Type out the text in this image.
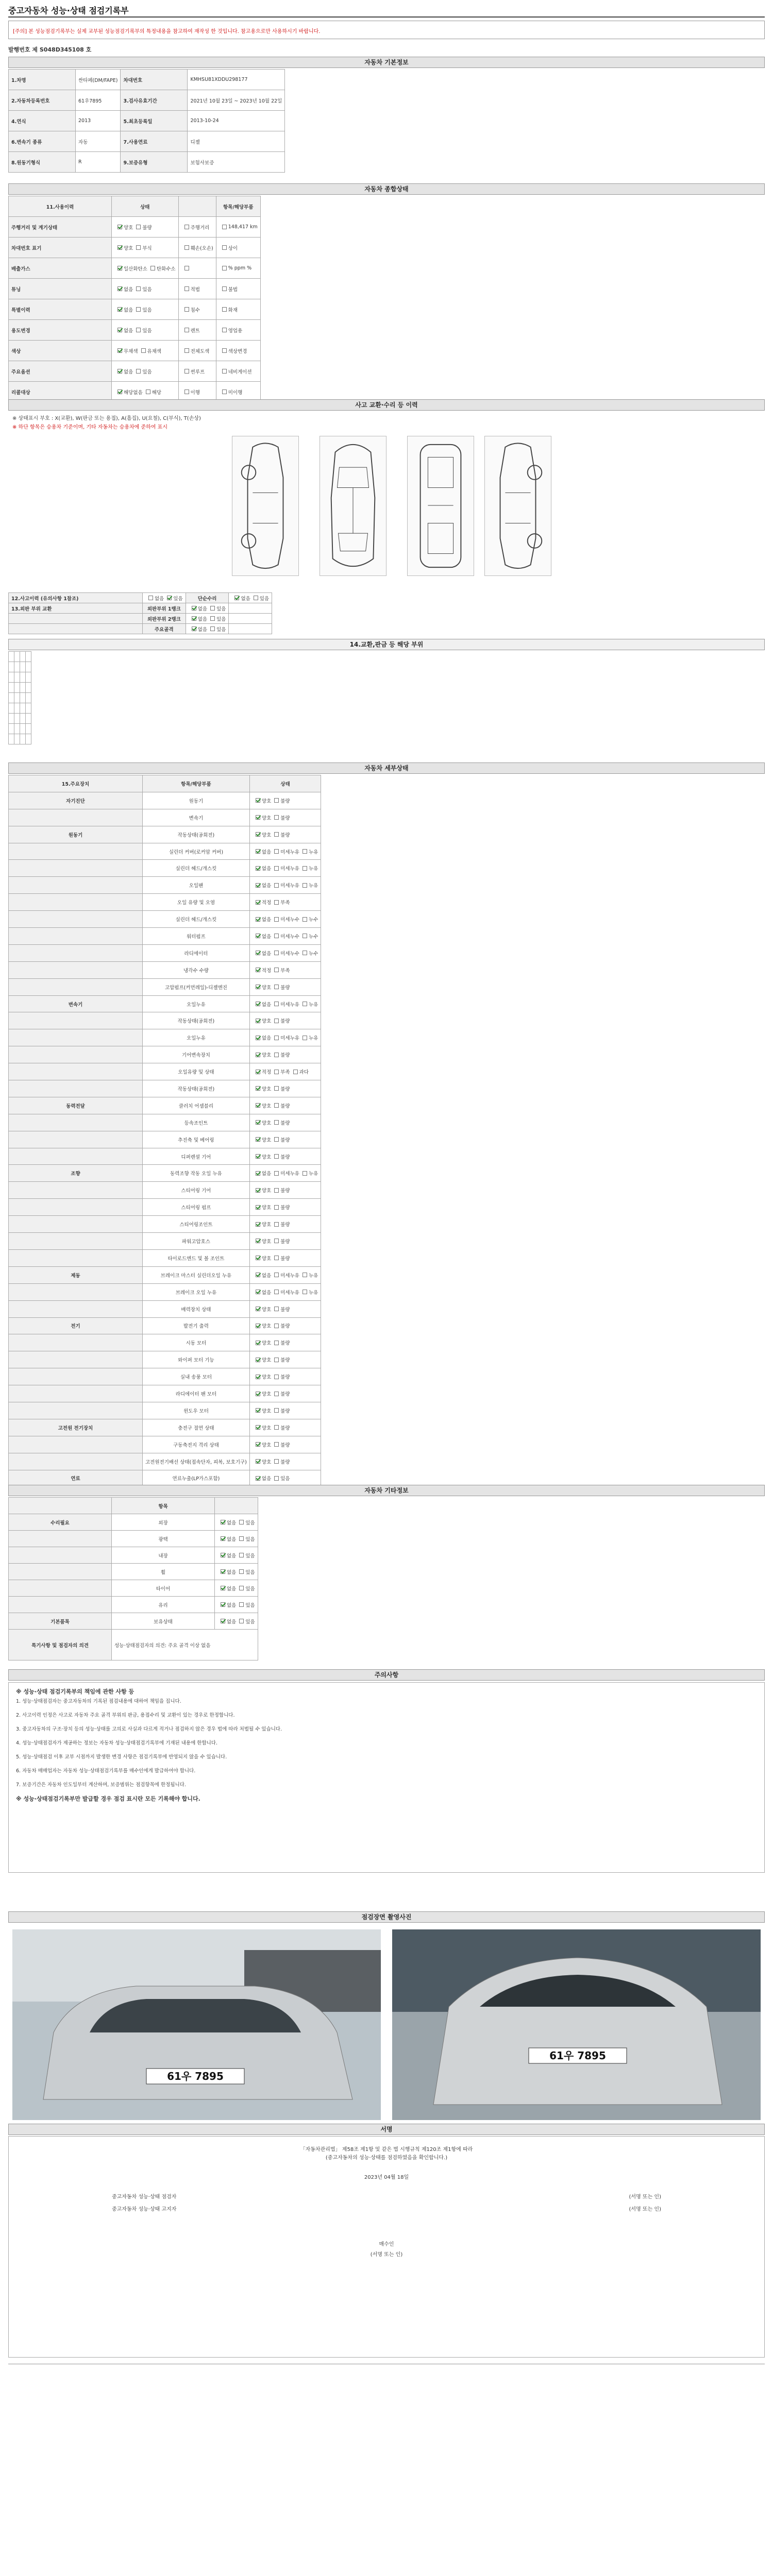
중고자동차 성능·상태 점검기록부
[주의] 본 성능점검기록부는 실제 교부된 성능점검기록부의 특정내용을 참고하여 재작성 한 것입니다. 참고용으로만 사용하시기 바랍니다.
발행번호 제 S048D345108 호
자동차 기본정보
1.차명	싼타페(DM/FAPE)	차대번호	KMHSU81XDDU298177
2.자동차등록번호	61우7895	3.검사유효기간	2021년 10월 23일 ~ 2023년 10월 22일
4.연식	2013	5.최초등록일	2013-10-24
6.변속기 종류	자동	7.사용연료	디젤
8.원동기형식	R	9.보증유형	보험사보증
자동차 종합상태
11.사용이력	상태		항목/해당부품
주행거리 및 계기상태	양호 불량	주행거리	148,417 km
차대번호 표기	양호 부식	훼손(오손)	상이
배출가스	일산화탄소 탄화수소		% ppm %
튜닝	없음 있음	적법	불법
특별이력	없음 있음	침수	화재
용도변경	없음 있음	렌트	영업용
색상	무채색 유채색	전체도색	색상변경
주요옵션	없음 있음	썬루프	네비게이션
리콜대상	해당없음 해당	이행	미이행
사고 교환·수리 등 이력
※ 상태표시 부호 : X(교환), W(판금 또는 용접), A(흠집), U(요철), C(부식), T(손상)
※ 하단 항목은 승용차 기준이며, 기타 자동차는 승용차에 준하여 표시
12.사고이력 (유의사항 1참조)	없음 있음	단순수리	없음 있음
13.외판 부위 교환	외판부위 1랭크	없음 있음	
	외판부위 2랭크	없음 있음	
	주요골격	없음 있음	
14.교환,판금 등 해당 부위

자동차 세부상태
15.주요장치	항목/해당부품	상태
자기진단	원동기	양호 불량
	변속기	양호 불량
원동기	작동상태(공회전)	양호 불량
	실린더 커버(로커암 커버)	없음 미세누유 누유
	실린더 헤드/개스킷	없음 미세누유 누유
	오일팬	없음 미세누유 누유
	오일 유량 및 오염	적정 부족
	실린더 헤드/개스킷	없음 미세누수 누수
	워터펌프	없음 미세누수 누수
	라디에이터	없음 미세누수 누수
	냉각수 수량	적정 부족
	고압펌프(커먼레일)-디젤엔진	양호 불량
변속기	오일누유	없음 미세누유 누유
	작동상태(공회전)	양호 불량
	오일누유	없음 미세누유 누유
	기어변속장치	양호 불량
	오일유량 및 상태	적정 부족 과다
	작동상태(공회전)	양호 불량
동력전달	클러치 어셈블리	양호 불량
	등속조인트	양호 불량
	추진축 및 베어링	양호 불량
	디퍼렌셜 기어	양호 불량
조향	동력조향 작동 오일 누유	없음 미세누유 누유
	스티어링 기어	양호 불량
	스티어링 펌프	양호 불량
	스티어링조인트	양호 불량
	파워고압호스	양호 불량
	타이로드엔드 및 볼 조인트	양호 불량
제동	브레이크 마스터 실린더오일 누유	없음 미세누유 누유
	브레이크 오일 누유	없음 미세누유 누유
	배력장치 상태	양호 불량
전기	발전기 출력	양호 불량
	시동 모터	양호 불량
	와이퍼 모터 기능	양호 불량
	실내 송풍 모터	양호 불량
	라디에이터 팬 모터	양호 불량
	윈도우 모터	양호 불량
고전원 전기장치	충전구 절연 상태	양호 불량
	구동축전지 격리 상태	양호 불량
	고전원전기배선 상태(접속단자, 피복, 보호기구)	양호 불량
연료	연료누출(LP가스포함)	없음 있음
자동차 기타정보
	항목	
수리필요	외장	없음 있음
	광택	없음 있음
	내장	없음 있음
	휠	없음 있음
	타이어	없음 있음
	유리	없음 있음
기본품목	보유상태	없음 있음
특기사항 및 점검자의 의견	성능·상태점검자의 의견: 주요 골격 이상 없음	
주의사항
※ 성능·상태 점검기록부의 책임에 관한 사항 등
1. 성능·상태점검자는 중고자동차의 기록된 점검내용에 대하여 책임을 집니다.
2. 사고이력 인정은 사고로 자동차 주요 골격 부위의 판금, 용접수리 및 교환이 있는 경우로 한정합니다.
3. 중고자동차의 구조·장치 등의 성능·상태를 고의로 사실과 다르게 적거나 점검하지 않은 경우 법에 따라 처벌될 수 있습니다.
4. 성능·상태점검자가 제공하는 정보는 자동차 성능·상태점검기록부에 기재된 내용에 한합니다.
5. 성능·상태점검 이후 교부 시점까지 발생한 변경 사항은 점검기록부에 반영되지 않을 수 있습니다.
6. 자동차 매매업자는 자동차 성능·상태점검기록부를 매수인에게 발급하여야 합니다.
7. 보증기간은 자동차 인도일부터 계산하며, 보증범위는 점검항목에 한정됩니다.
※ 성능·상태점검기록부만 발급할 경우 점검 표시란 모든 기록해야 합니다.
점검장면 촬영사진
61우 7895
61우 7895
서명
「자동차관리법」 제58조 제1항 및 같은 법 시행규칙 제120조 제1항에 따라
(중고자동차의 성능·상태를 점검하였음을 확인합니다.)
2023년 04월 18일
중고자동차 성능·상태 점검자	(서명 또는 인)
중고자동차 성능·상태 고지자	(서명 또는 인)
매수인
(서명 또는 인)
